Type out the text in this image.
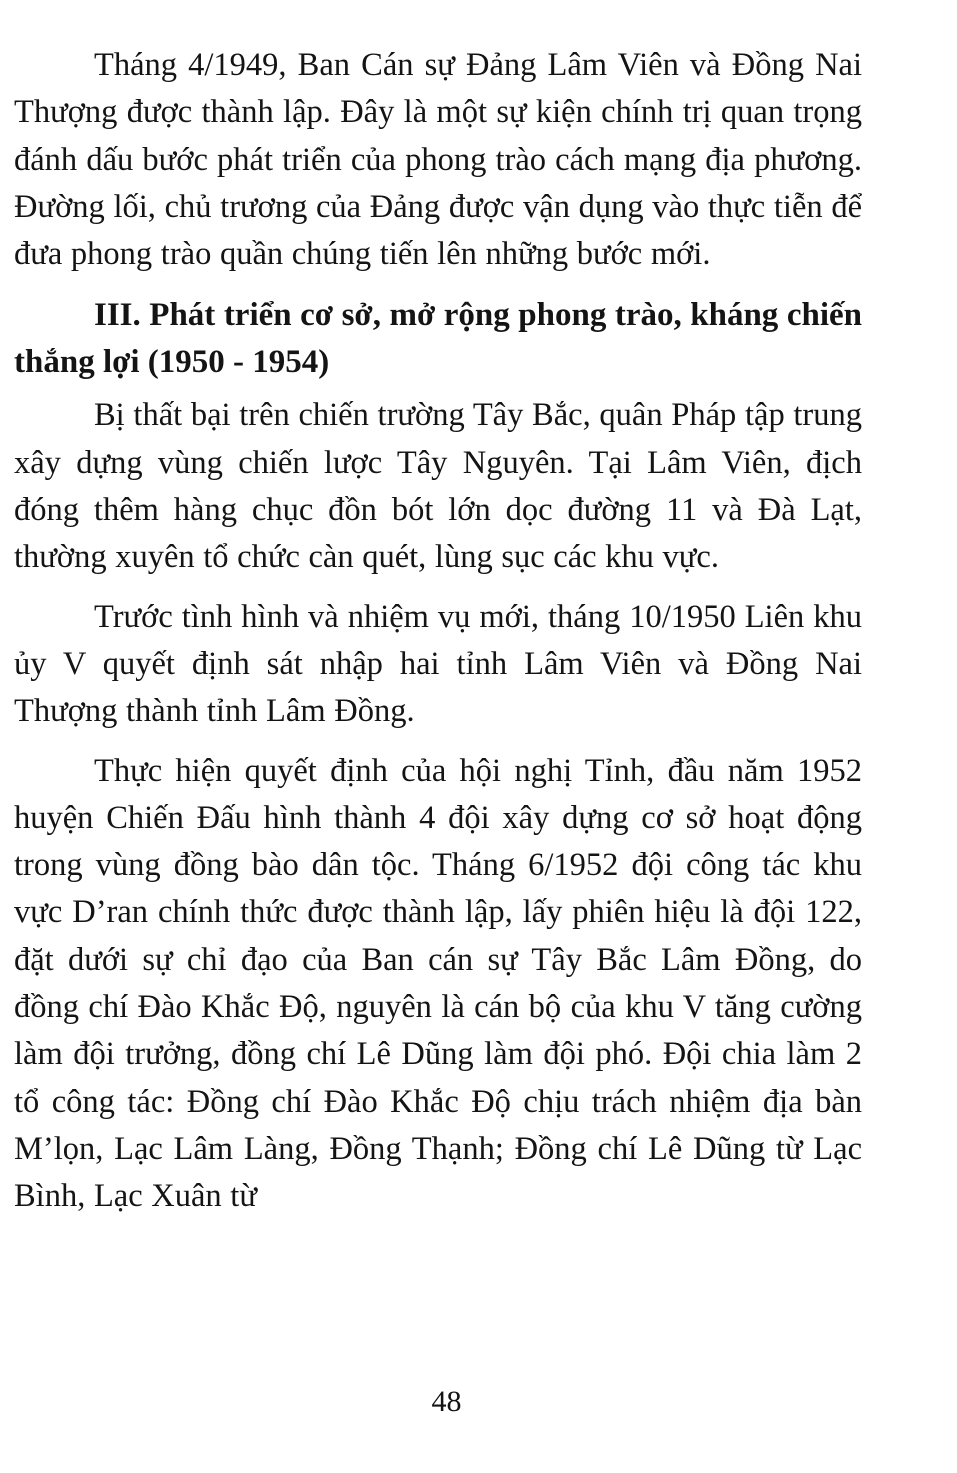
Tháng 4/1949, Ban Cán sự Đảng Lâm Viên và Đồng Nai Thượng được thành lập. Đây là một sự kiện chính trị quan trọng đánh dấu bước phát triển của phong trào cách mạng địa phương. Đường lối, chủ trương của Đảng được vận dụng vào thực tiễn để đưa phong trào quần chúng tiến lên những bước mới.

III. Phát triển cơ sở, mở rộng phong trào, kháng chiến thắng lợi (1950 - 1954)

Bị thất bại trên chiến trường Tây Bắc, quân Pháp tập trung xây dựng vùng chiến lược Tây Nguyên. Tại Lâm Viên, địch đóng thêm hàng chục đồn bót lớn dọc đường 11 và Đà Lạt, thường xuyên tổ chức càn quét, lùng sục các khu vực.

Trước tình hình và nhiệm vụ mới, tháng 10/1950 Liên khu ủy V quyết định sát nhập hai tỉnh Lâm Viên và Đồng Nai Thượng thành tỉnh Lâm Đồng.

Thực hiện quyết định của hội nghị Tỉnh, đầu năm 1952 huyện Chiến Đấu hình thành 4 đội xây dựng cơ sở hoạt động trong vùng đồng bào dân tộc. Tháng 6/1952 đội công tác khu vực D’ran chính thức được thành lập, lấy phiên hiệu là đội 122, đặt dưới sự chỉ đạo của Ban cán sự Tây Bắc Lâm Đồng, do đồng chí Đào Khắc Độ, nguyên là cán bộ của khu V tăng cường làm đội trưởng, đồng chí Lê Dũng làm đội phó. Đội chia làm 2 tổ công tác: Đồng chí Đào Khắc Độ chịu trách nhiệm địa bàn M’lọn, Lạc Lâm Làng, Đồng Thạnh; Đồng chí Lê Dũng từ Lạc Bình, Lạc Xuân từ

48
